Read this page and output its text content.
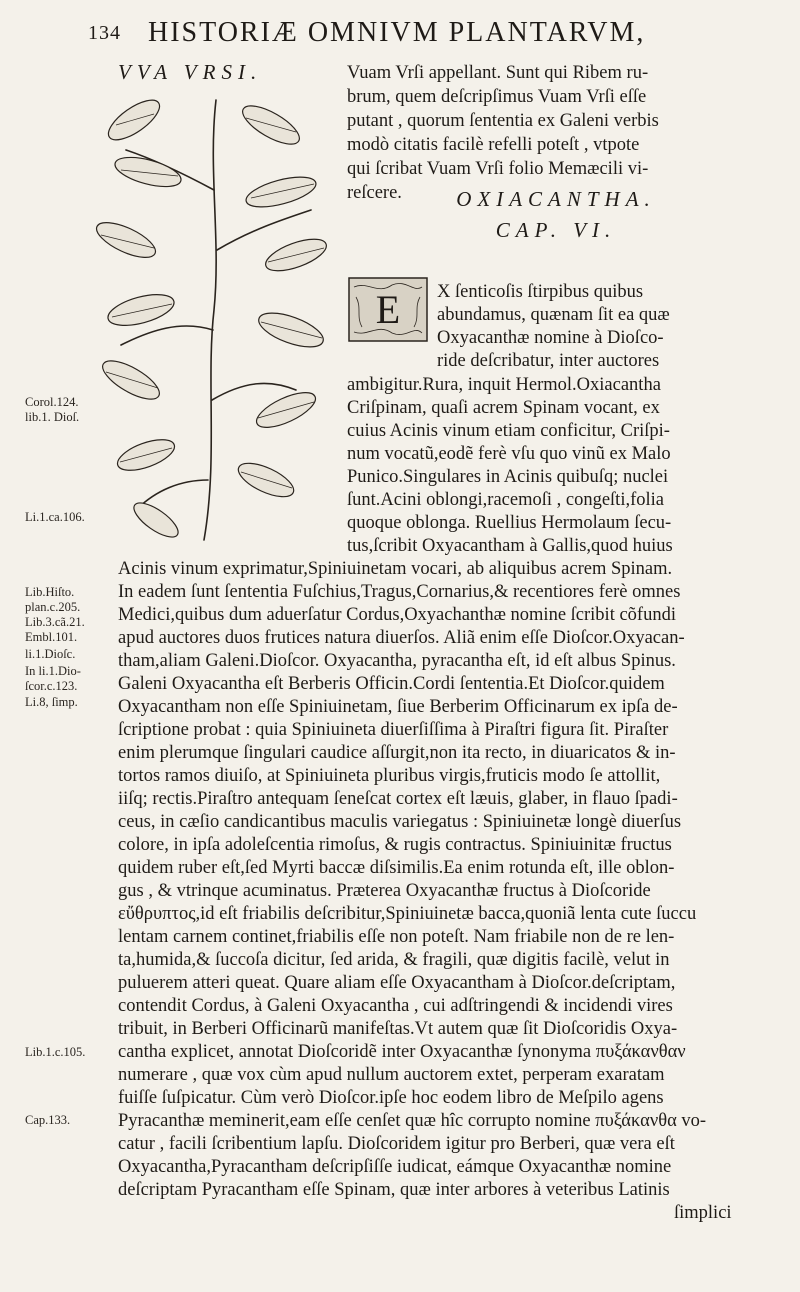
134 HISTORIÆ OMNIVM PLANTARVM,
VVA VRSI.
OXIACANTHA.
CAP. VI.
E
Vuam Vrſi appellant. Sunt qui Ribem ru-
brum, quem deſcripſimus Vuam Vrſi eſſe
putant , quorum ſententia ex Galeni verbis
modò citatis facilè refelli poteſt , vtpote
qui ſcribat Vuam Vrſi folio Memæcili vi-
reſcere.
X ſenticoſis ſtirpibus quibus
abundamus, quænam ſit ea quæ
Oxyacanthæ nomine à Dioſco-
ride deſcribatur, inter auctores
ambigitur.Rura, inquit Hermol.Oxiacantha
Criſpinam, quaſi acrem Spinam vocant, ex
cuius Acinis vinum etiam conficitur, Criſpi-
num vocatũ,eodẽ ferè vſu quo vinũ ex Malo
Punico.Singulares in Acinis quibuſq; nuclei
ſunt.Acini oblongi,racemoſi , congeſti,folia
quoque oblonga. Ruellius Hermolaum ſecu-
tus,ſcribit Oxyacantham à Gallis,quod huius
Acinis vinum exprimatur,Spiniuinetam vocari, ab aliquibus acrem Spinam.
In eadem ſunt ſententia Fuſchius,Tragus,Cornarius,& recentiores ferè omnes
Medici,quibus dum aduerſatur Cordus,Oxyachanthæ nomine ſcribit cõfundi
apud auctores duos frutices natura diuerſos. Aliã enim eſſe Dioſcor.Oxyacan-
tham,aliam Galeni.Dioſcor. Oxyacantha, pyracantha eſt, id eſt albus Spinus.
Galeni Oxyacantha eſt Berberis Officin.Cordi ſententia.Et Dioſcor.quidem
Oxyacantham non eſſe Spiniuinetam, ſiue Berberim Officinarum ex ipſa de-
ſcriptione probat : quia Spiniuineta diuerſiſſima à Piraſtri figura ſit. Piraſter
enim plerumque ſingulari caudice aſſurgit,non ita recto, in diuaricatos & in-
tortos ramos diuiſo, at Spiniuineta pluribus virgis,fruticis modo ſe attollit,
iiſq; rectis.Piraſtro antequam ſeneſcat cortex eſt læuis, glaber, in flauo ſpadi-
ceus, in cæſio candicantibus maculis variegatus : Spiniuinetæ longè diuerſus
colore, in ipſa adoleſcentia rimoſus, & rugis contractus. Spiniuinitæ fructus
quidem ruber eſt,ſed Myrti baccæ diſsimilis.Ea enim rotunda eſt, ille oblon-
gus , & vtrinque acuminatus. Præterea Oxyacanthæ fructus à Dioſcoride
εὔθρυπτος,id eſt friabilis deſcribitur,Spiniuinetæ bacca,quoniã lenta cute ſuccu
lentam carnem continet,friabilis eſſe non poteſt. Nam friabile non de re len-
ta,humida,& ſuccoſa dicitur, ſed arida, & fragili, quæ digitis facilè, velut in
puluerem atteri queat. Quare aliam eſſe Oxyacantham à Dioſcor.deſcriptam,
contendit Cordus, à Galeni Oxyacantha , cui adſtringendi & incidendi vires
tribuit, in Berberi Officinarũ manifeſtas.Vt autem quæ ſit Dioſcoridis Oxya-
cantha explicet, annotat Dioſcoridẽ inter Oxyacanthæ ſynonyma πυξάκανθαν
numerare , quæ vox cùm apud nullum auctorem extet, perperam exaratam
fuiſſe ſuſpicatur. Cùm verò Dioſcor.ipſe hoc eodem libro de Meſpilo agens
Pyracanthæ meminerit,eam eſſe cenſet quæ hîc corrupto nomine πυξάκανθα vo-
catur , facili ſcribentium lapſu. Dioſcoridem igitur pro Berberi, quæ vera eſt
Oxyacantha,Pyracantham deſcripſiſſe iudicat, eámque Oxyacanthæ nomine
deſcriptam Pyracantham eſſe Spinam, quæ inter arbores à veteribus Latinis
ſimplici
Corol.124.
lib.1. Dioſ.
Li.1.ca.106.
Lib.Hiſto.
plan.c.205.
Lib.3.cã.21.
Embl.101.
li.1.Dioſc.
In li.1.Dio-
ſcor.c.123.
Li.8, ſimp.
Lib.1.c.105.
Cap.133.
